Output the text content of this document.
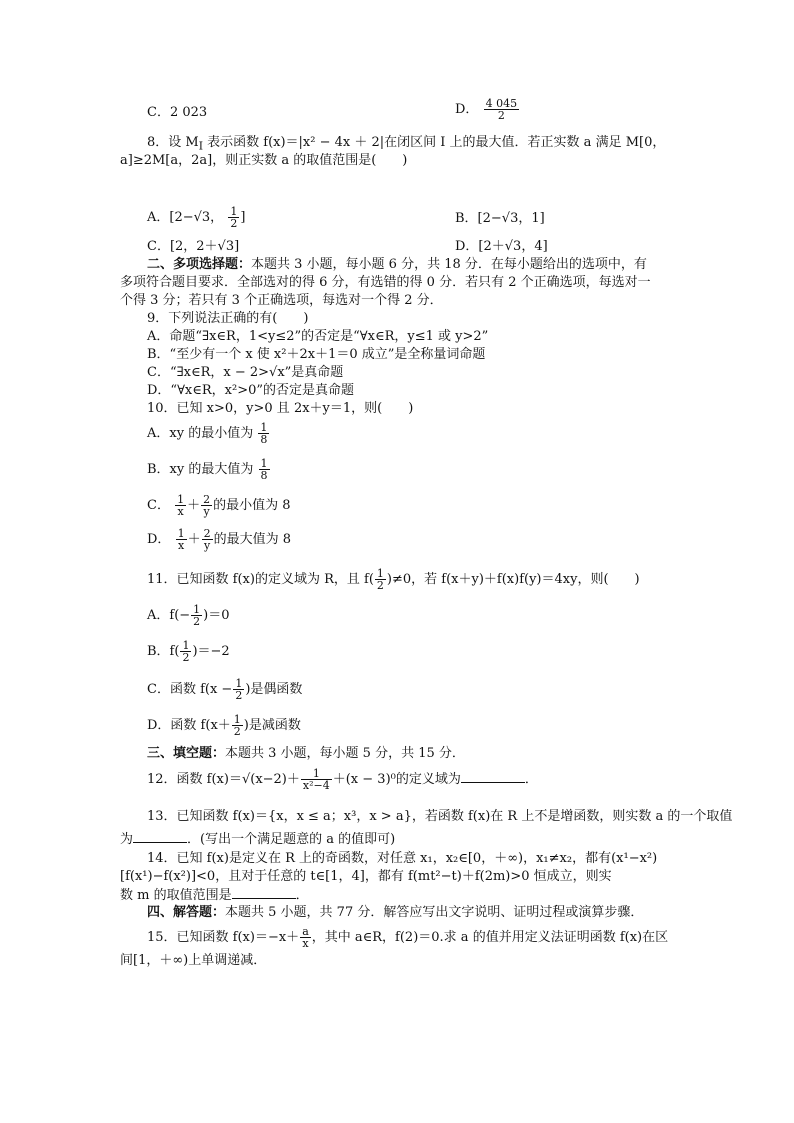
C．2 023	D． $\frac{4 045}{2}$
8．设 $M_I$ 表示函数 f(x)＝|x² − 4x ＋ 2|在闭区间 I 上的最大值．若正实数 a 满足 M[0，
a]≥2M[a，2a]，则正实数 a 的取值范围是(　　)
A．[2−√3， $\frac{1}{2}$ ]	B．[2−√3，1]
C．[2，2＋√3]	D．[2＋√3，4]
二、多项选择题：本题共 3 小题，每小题 6 分，共 18 分．在每小题给出的选项中，有
多项符合题目要求．全部选对的得 6 分，有选错的得 0 分．若只有 2 个正确选项，每选对一
个得 3 分；若只有 3 个正确选项，每选对一个得 2 分．
9．下列说法正确的有(　　)
A．命题“∃x∈R，1<y≤2”的否定是“∀x∈R，y≤1 或 y>2”
B．“至少有一个 x 使 x²＋2x＋1＝0 成立”是全称量词命题
C．“∃x∈R，x − 2>√x”是真命题
D．“∀x∈R，x²>0”的否定是真命题
10．已知 x>0，y>0 且 2x＋y＝1，则(　　)
A．xy 的最小值为 $\frac{1}{8}$
B．xy 的最大值为 $\frac{1}{8}$
C． $\frac{1}{x} + \frac{2}{y}$ 的最小值为 8
D． $\frac{1}{x} + \frac{2}{y}$ 的最大值为 8
11．已知函数 f(x)的定义域为 R，且 $f( \frac{1}{2} )\ne 0$，若 f(x＋y)＋f(x)f(y)＝4xy，则(　　)
A．$f(- \frac{1}{2} )=0$
B．$f( \frac{1}{2} )=-2$
C．函数 $f(x - \frac{1}{2}$ )是偶函数
D．函数 $f(x+ \frac{1}{2}$ )是减函数
三、填空题：本题共 3 小题，每小题 5 分，共 15 分．
12．函数 $f(x)=√(x-2)+ \frac{1}{\text{x²−4}} +(x - 3)^0$的定义域为	．
13．已知函数 f(x)＝{x，x ≤ a；x³，x > a}，若函数 f(x)在 R 上不是增函数，则实数 a 的一个取值
为	．(写出一个满足题意的 a 的值即可)
14．已知 f(x)是定义在 R 上的奇函数，对任意 x₁，x₂∈[0，＋∞)，x₁≠x₂，都有(x¹−x²)
[f(x¹)−f(x²)]<0，且对于任意的 t∈[1，4]，都有 f(mt²−t)＋f(2m)>0 恒成立，则实
数 m 的取值范围是	．
四、解答题：本题共 5 小题，共 77 分．解答应写出文字说明、证明过程或演算步骤．
15．已知函数 $f(x)=-x+ \frac{a}{x}$ ，其中 a∈R，f(2)＝0.求 a 的值并用定义法证明函数 f(x)在区
间[1，＋∞)上单调递减．
